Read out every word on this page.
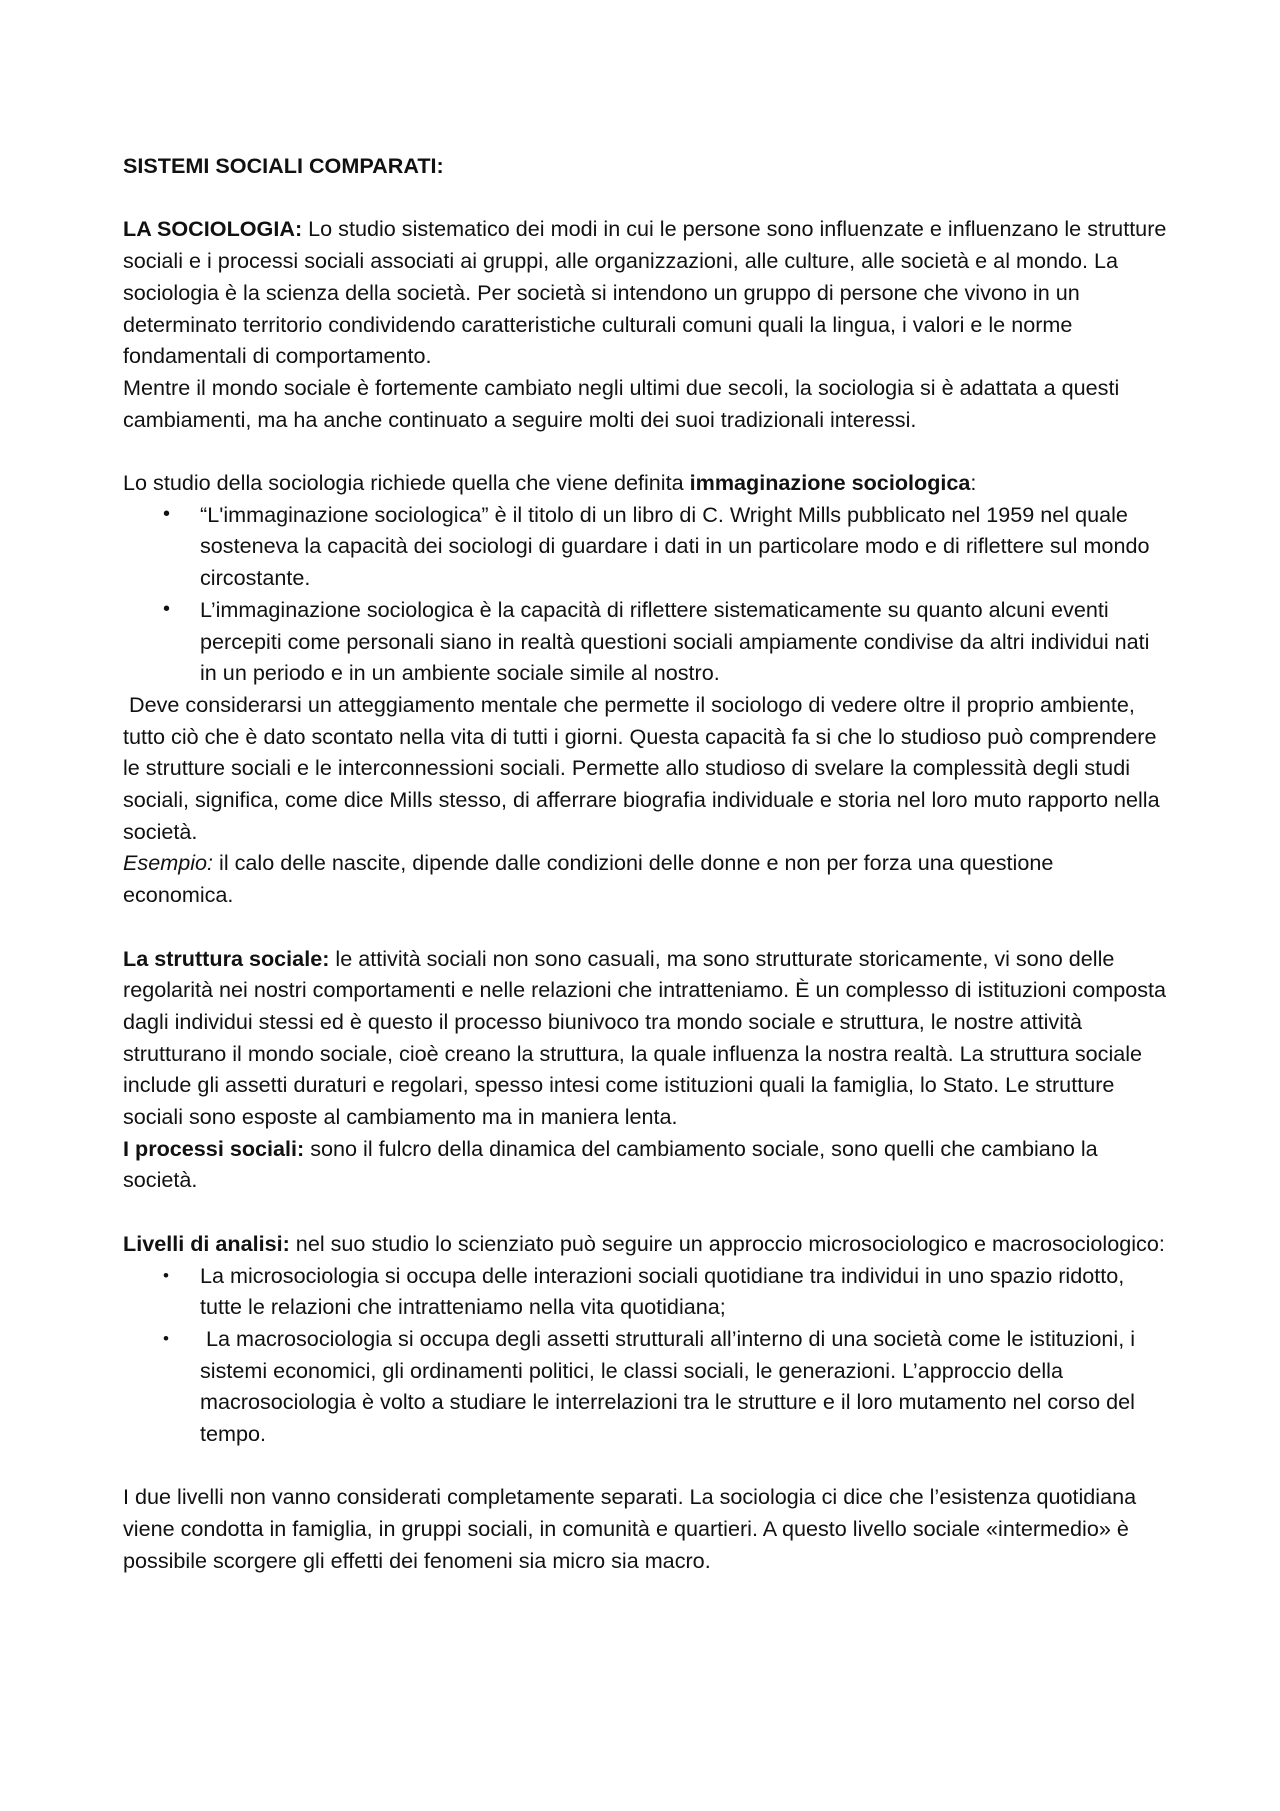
SISTEMI SOCIALI COMPARATI:

LA SOCIOLOGIA: Lo studio sistematico dei modi in cui le persone sono influenzate e influenzano le strutture sociali e i processi sociali associati ai gruppi, alle organizzazioni, alle culture, alle società e al mondo. La sociologia è la scienza della società. Per società si intendono un gruppo di persone che vivono in un determinato territorio condividendo caratteristiche culturali comuni quali la lingua, i valori e le norme fondamentali di comportamento.

Mentre il mondo sociale è fortemente cambiato negli ultimi due secoli, la sociologia si è adattata a questi cambiamenti, ma ha anche continuato a seguire molti dei suoi tradizionali interessi.

Lo studio della sociologia richiede quella che viene definita immaginazione sociologica:

• “L'immaginazione sociologica” è il titolo di un libro di C. Wright Mills pubblicato nel 1959 nel quale sosteneva la capacità dei sociologi di guardare i dati in un particolare modo e di riflettere sul mondo circostante.
• L’immaginazione sociologica è la capacità di riflettere sistematicamente su quanto alcuni eventi percepiti come personali siano in realtà questioni sociali ampiamente condivise da altri individui nati in un periodo e in un ambiente sociale simile al nostro.

Deve considerarsi un atteggiamento mentale che permette il sociologo di vedere oltre il proprio ambiente, tutto ciò che è dato scontato nella vita di tutti i giorni. Questa capacità fa si che lo studioso può comprendere le strutture sociali e le interconnessioni sociali. Permette allo studioso di svelare la complessità degli studi sociali, significa, come dice Mills stesso, di afferrare biografia individuale e storia nel loro muto rapporto nella società.

Esempio: il calo delle nascite, dipende dalle condizioni delle donne e non per forza una questione economica.

La struttura sociale: le attività sociali non sono casuali, ma sono strutturate storicamente, vi sono delle regolarità nei nostri comportamenti e nelle relazioni che intratteniamo. È un complesso di istituzioni composta dagli individui stessi ed è questo il processo biunivoco tra mondo sociale e struttura, le nostre attività strutturano il mondo sociale, cioè creano la struttura, la quale influenza la nostra realtà. La struttura sociale include gli assetti duraturi e regolari, spesso intesi come istituzioni quali la famiglia, lo Stato. Le strutture sociali sono esposte al cambiamento ma in maniera lenta.

I processi sociali: sono il fulcro della dinamica del cambiamento sociale, sono quelli che cambiano la società.

Livelli di analisi: nel suo studio lo scienziato può seguire un approccio microsociologico e macrosociologico:

• La microsociologia si occupa delle interazioni sociali quotidiane tra individui in uno spazio ridotto, tutte le relazioni che intratteniamo nella vita quotidiana;
• La macrosociologia si occupa degli assetti strutturali all’interno di una società come le istituzioni, i sistemi economici, gli ordinamenti politici, le classi sociali, le generazioni. L’approccio della macrosociologia è volto a studiare le interrelazioni tra le strutture e il loro mutamento nel corso del tempo.

I due livelli non vanno considerati completamente separati. La sociologia ci dice che l’esistenza quotidiana viene condotta in famiglia, in gruppi sociali, in comunità e quartieri. A questo livello sociale «intermedio» è possibile scorgere gli effetti dei fenomeni sia micro sia macro.
